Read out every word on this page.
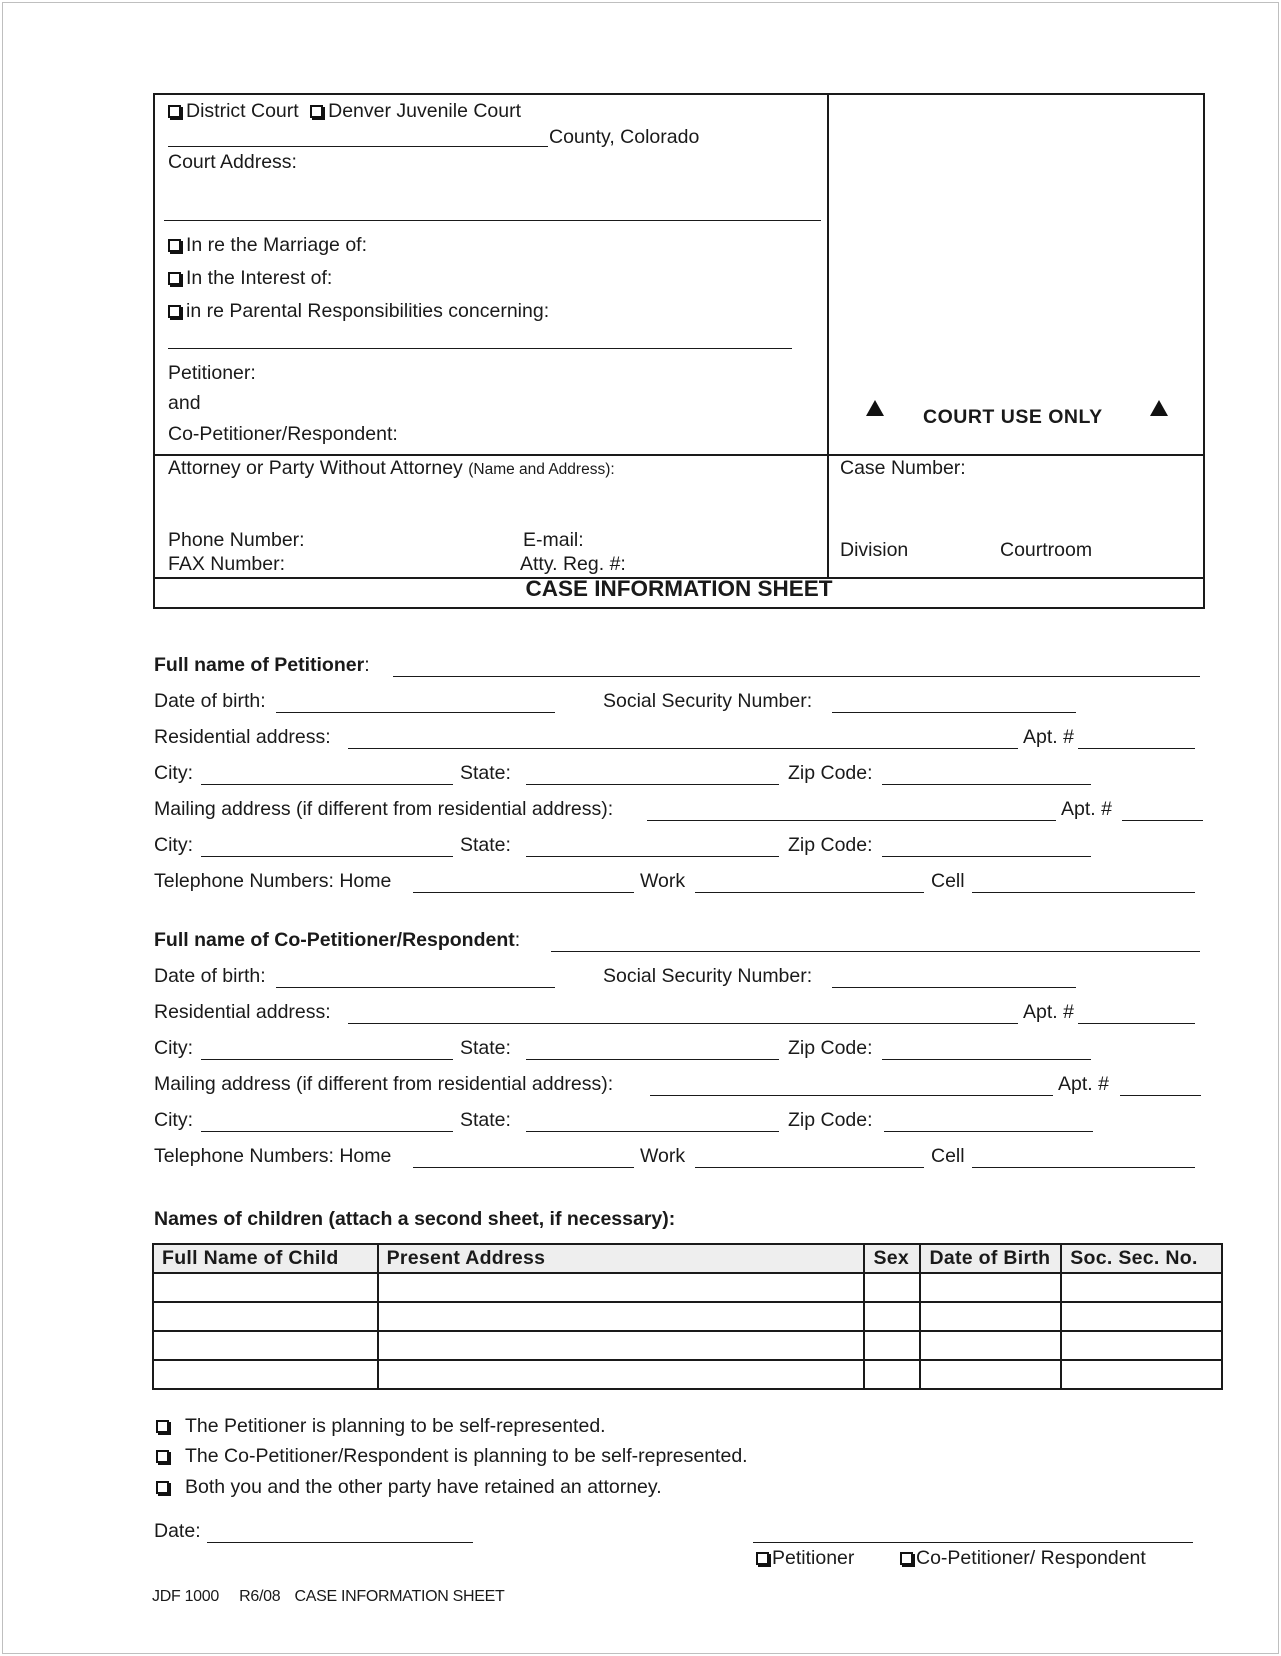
District Court Denver Juvenile Court
County, Colorado
Court Address:
In re the Marriage of:
In the Interest of:
in re Parental Responsibilities concerning:
Petitioner:
and
Co-Petitioner/Respondent:
COURT USE ONLY
Attorney or Party Without Attorney (Name and Address):
Phone Number:
FAX Number:
E-mail:
Atty. Reg. #:
Case Number:
Division	Courtroom
CASE INFORMATION SHEET
Full name of Petitioner:
Date of birth:	Social Security Number:
Residential address:	Apt. #
City:	State:	Zip Code:
Mailing address (if different from residential address):	Apt. #
City:	State:	Zip Code:
Telephone Numbers: Home	Work	Cell
Full name of Co-Petitioner/Respondent:
Date of birth:	Social Security Number:
Residential address:	Apt. #
City:	State:	Zip Code:
Mailing address (if different from residential address):	Apt. #
City:	State:	Zip Code:
Telephone Numbers: Home	Work	Cell
Names of children (attach a second sheet, if necessary):
Full Name of Child	Present Address	Sex	Date of Birth	Soc. Sec. No.

The Petitioner is planning to be self-represented.
The Co-Petitioner/Respondent is planning to be self-represented.
Both you and the other party have retained an attorney.
Date:
Petitioner	Co-Petitioner/ Respondent
JDF 1000 R6/08 CASE INFORMATION SHEET
